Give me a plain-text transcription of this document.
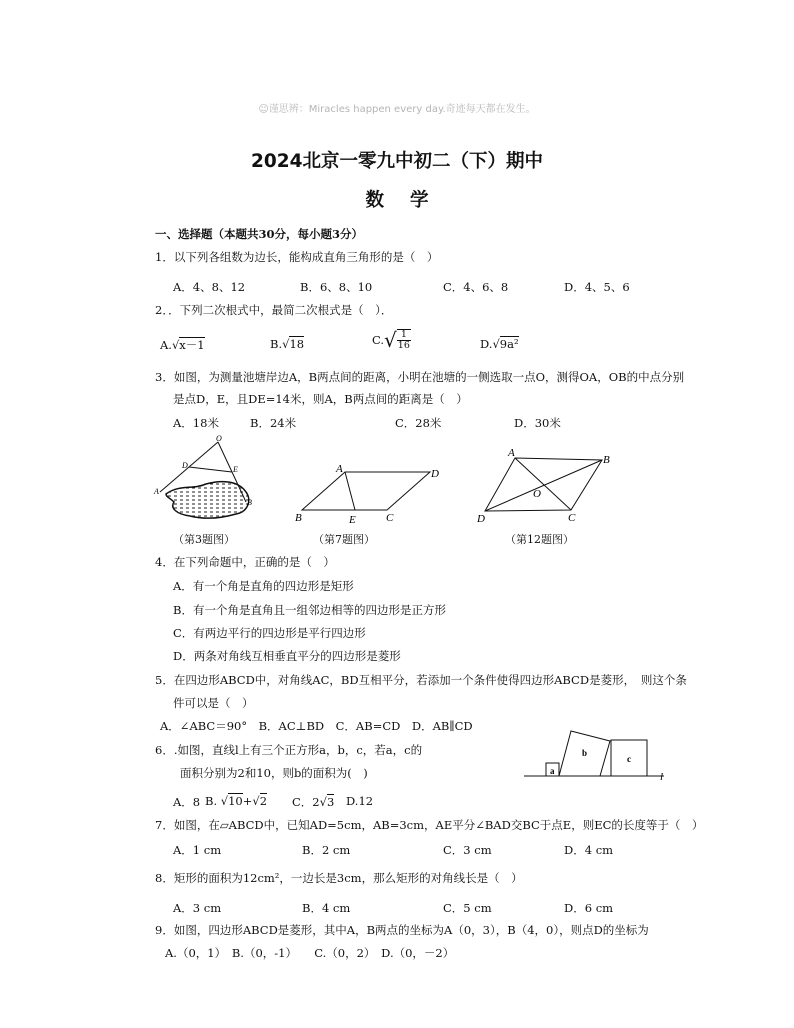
☺谨思辨：Miracles happen every day.奇迹每天都在发生。
2024北京一零九中初二（下）期中
数学
一、选择题（本题共30分，每小题3分）
1．以下列各组数为边长，能构成直角三角形的是（　）
A．4、8、12	B．6、8、10	C．4、6、8	D．4、5、6
2．．下列二次根式中，最简二次根式是（　）．
A.√x－1	B.√18	$C.√ \frac{1}{16}$	D.√9a²
3．如图，为测量池塘岸边A，B两点间的距离，小明在池塘的一侧选取一点O，测得OA，OB的中点分别
是点D，E，且DE=14米，则A，B两点间的距离是（　）
A．18米	B．24米	C．28米	D．30米
O
D	E
A
B
（第3题图）
A	D
B	E	C
（第7题图）
A
B
O
D	C
（第12题图）
4．在下列命题中，正确的是（　）
A．有一个角是直角的四边形是矩形
B．有一个角是直角且一组邻边相等的四边形是正方形
C．有两边平行的四边形是平行四边形
D．两条对角线互相垂直平分的四边形是菱形
5．在四边形ABCD中，对角线AC，BD互相平分，若添加一个条件使得四边形ABCD是菱形，　则这个条
件可以是（　）
A．∠ABC＝90°　B．AC⊥BD　C．AB=CD　D．AB∥CD
6．.如图，直线l上有三个正方形a，b，c，若a，c的
面积分别为2和10，则b的面积为(　)
A．8 B. √10+√2 C．2√3 D.12
a
b
c
l
7．如图，在▱ABCD中，已知AD=5cm，AB=3cm，AE平分∠BAD交BC于点E，则EC的长度等于（　）
A．1 cm	B．2 cm	C．3 cm	D．4 cm
8．矩形的面积为12cm²，一边长是3cm，那么矩形的对角线长是（　）
A．3 cm	B．4 cm	C．5 cm	D．6 cm
9．如图，四边形ABCD是菱形，其中A，B两点的坐标为A（0，3），B（4，0），则点D的坐标为
A.（0，1）　B.（0，-1）　　C.（0，2）　D.（0，－2）
